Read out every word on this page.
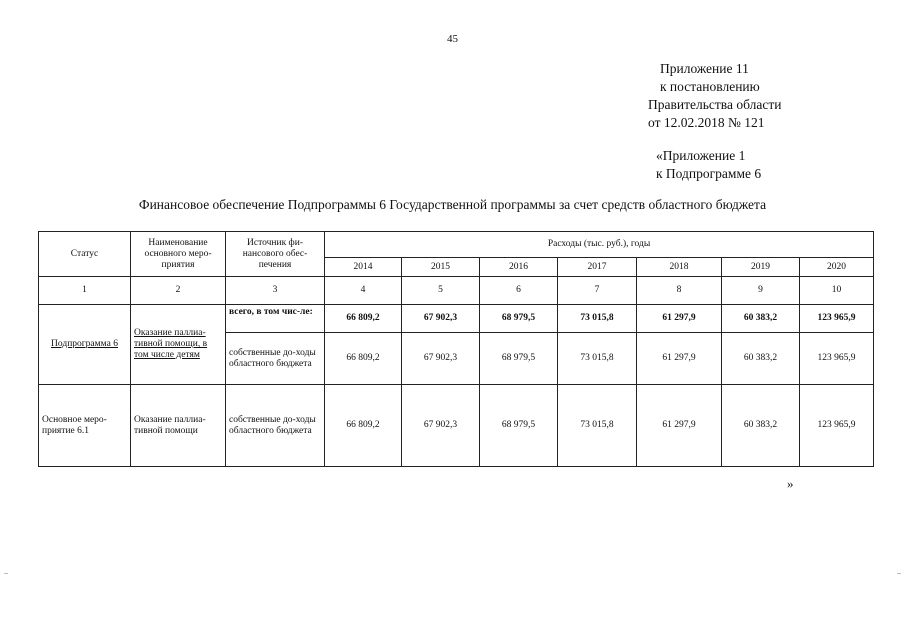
45
Приложение 11
к постановлению
Правительства области
от 12.02.2018 № 121
«Приложение 1
к Подпрограмме 6
Финансовое обеспечение Подпрограммы 6 Государственной программы за счет средств областного бюджета
Статус	Наименование основного меро-приятия	Источник фи-нансового обес-печения	Расходы (тыс. руб.), годы						
			2014	2015	2016	2017	2018	2019	2020
1	2	3	4	5	6	7	8	9	10
Подпрограмма 6	Оказание паллиа-тивной помощи, в том числе детям	всего, в том чис-ле:	66 809,2	67 902,3	68 979,5	73 015,8	61 297,9	60 383,2	123 965,9
		собственные до-ходы областного бюджета	66 809,2	67 902,3	68 979,5	73 015,8	61 297,9	60 383,2	123 965,9
Основное меро-приятие 6.1	Оказание паллиа-тивной помощи	собственные до-ходы областного бюджета	66 809,2	67 902,3	68 979,5	73 015,8	61 297,9	60 383,2	123 965,9
»
